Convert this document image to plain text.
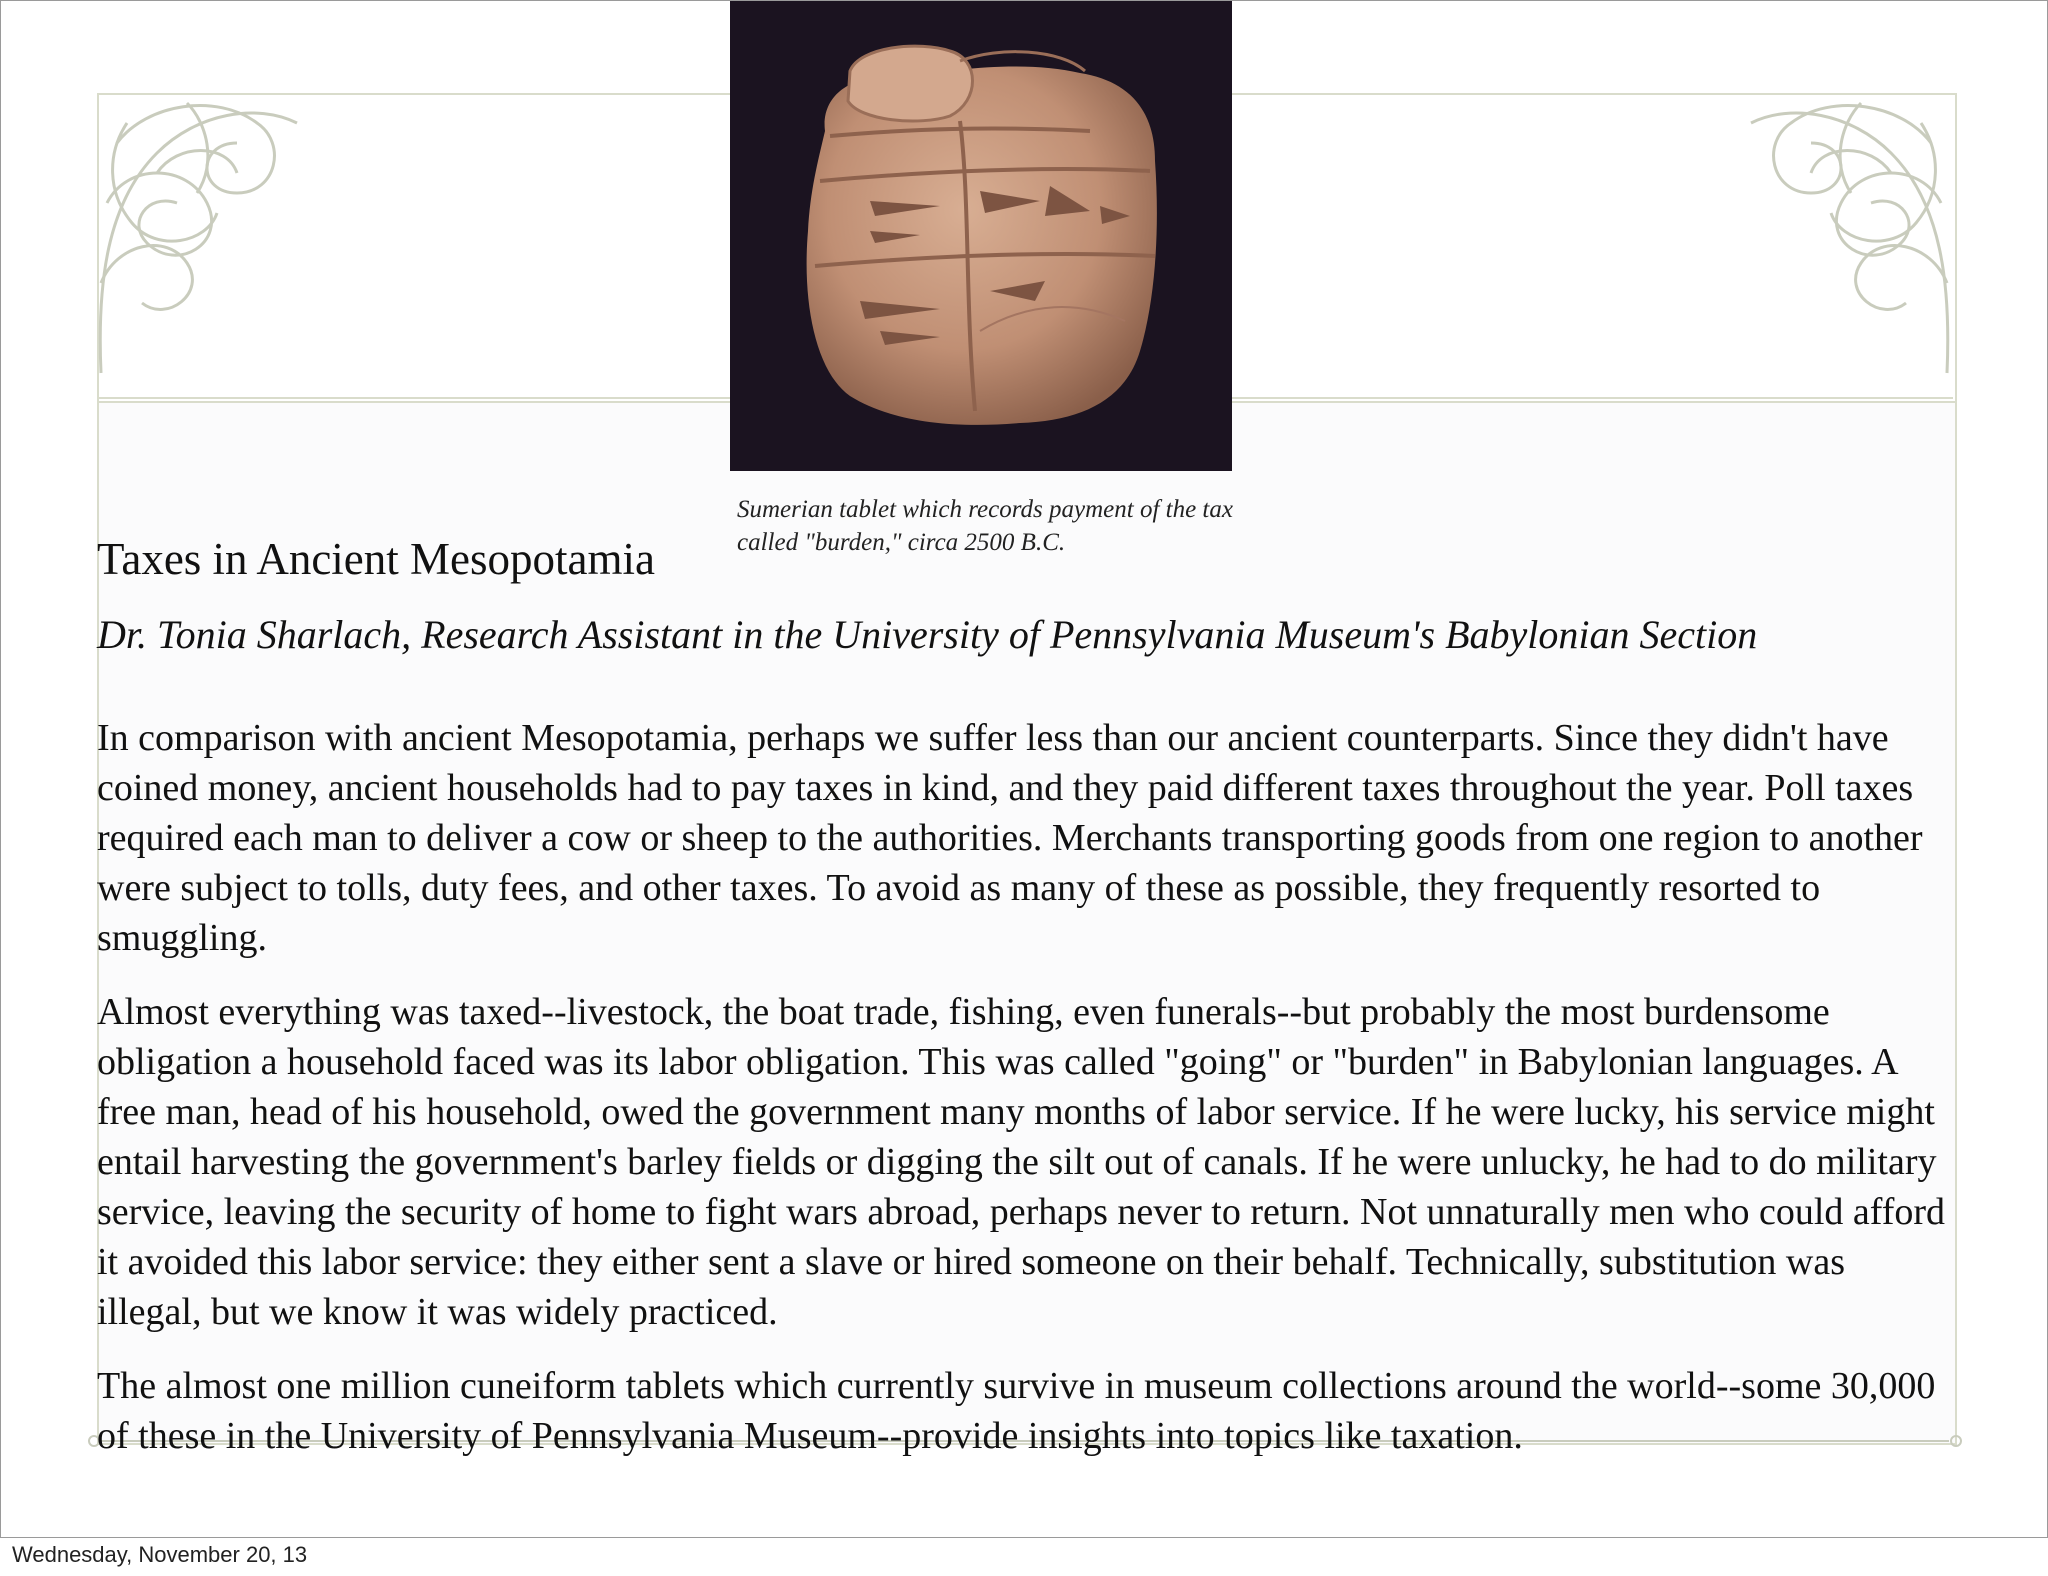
Sumerian tablet which records payment of the tax called "burden," circa 2500 B.C.
Taxes in Ancient Mesopotamia
Dr. Tonia Sharlach, Research Assistant in the University of Pennsylvania Museum's Babylonian Section

In comparison with ancient Mesopotamia, perhaps we suffer less than our ancient counterparts. Since they didn't have coined money, ancient households had to pay taxes in kind, and they paid different taxes throughout the year. Poll taxes required each man to deliver a cow or sheep to the authorities. Merchants transporting goods from one region to another were subject to tolls, duty fees, and other taxes. To avoid as many of these as possible, they frequently resorted to smuggling.

Almost everything was taxed--livestock, the boat trade, fishing, even funerals--but probably the most burdensome obligation a household faced was its labor obligation. This was called "going" or "burden" in Babylonian languages. A free man, head of his household, owed the government many months of labor service. If he were lucky, his service might entail harvesting the government's barley fields or digging the silt out of canals. If he were unlucky, he had to do military service, leaving the security of home to fight wars abroad, perhaps never to return. Not unnaturally men who could afford it avoided this labor service: they either sent a slave or hired someone on their behalf. Technically, substitution was illegal, but we know it was widely practiced.

The almost one million cuneiform tablets which currently survive in museum collections around the world--some 30,000 of these in the University of Pennsylvania Museum--provide insights into topics like taxation.

Wednesday, November 20, 13
